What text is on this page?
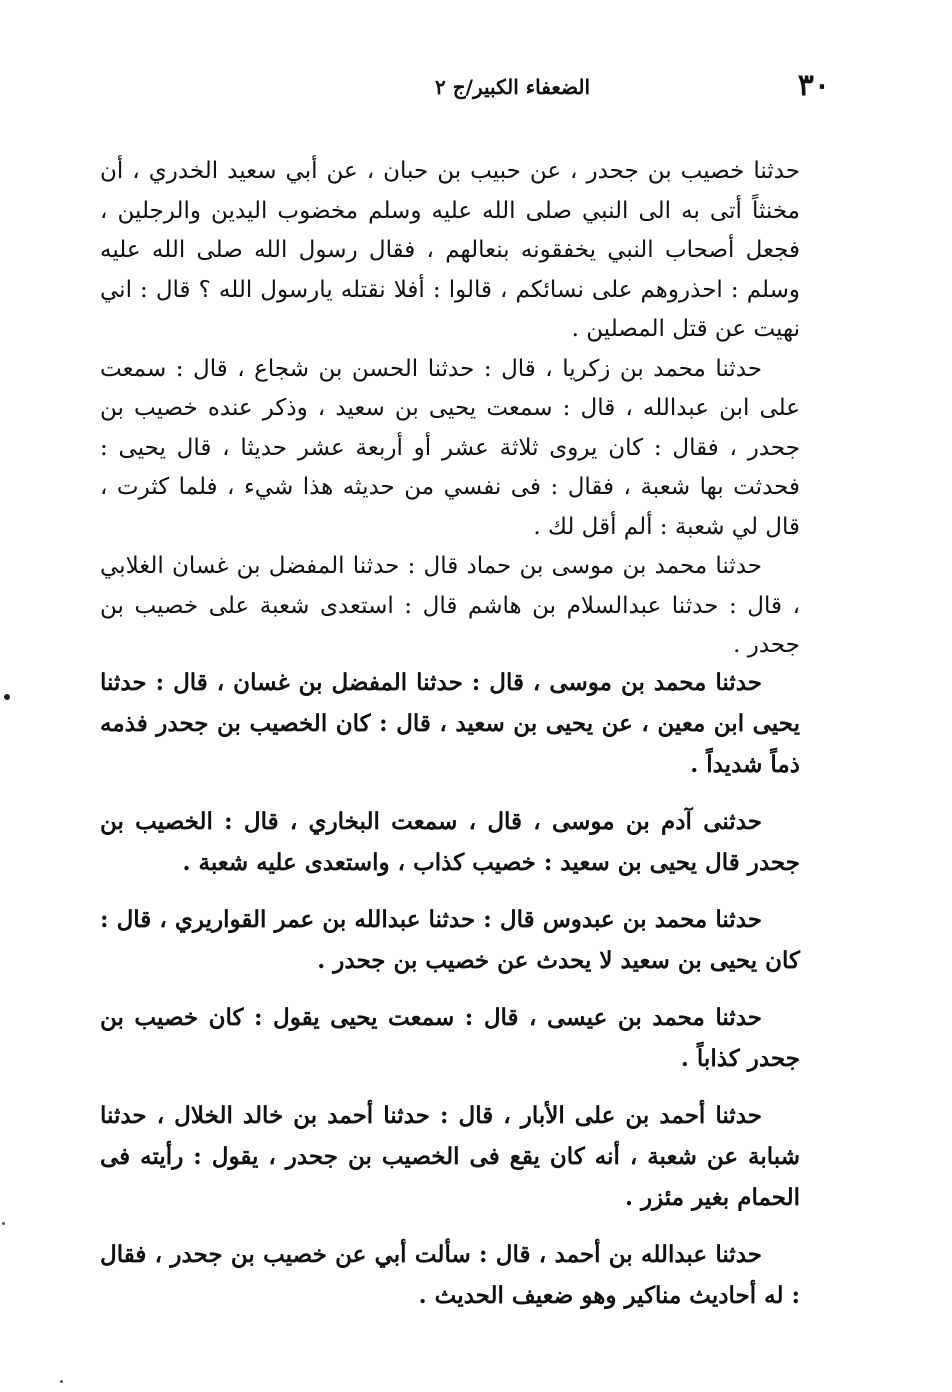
٣٠
الضعفاء الكبير/ج ٢

حدثنا خصيب بن جحدر ، عن حبيب بن حبان ، عن أبي سعيد الخدري ، أن مخنثاً أتى به الى النبي صلى الله عليه وسلم مخضوب اليدين والرجلين ، فجعل أصحاب النبي يخفقونه بنعالهم ، فقال رسول الله صلى الله عليه وسلم : احذروهم على نسائكم ، قالوا : أفلا نقتله يارسول الله ؟ قال : اني نهيت عن قتل المصلين .

حدثنا محمد بن زكريا ، قال : حدثنا الحسن بن شجاع ، قال : سمعت على ابن عبدالله ، قال : سمعت يحيى بن سعيد ، وذكر عنده خصيب بن جحدر ، فقال : كان يروى ثلاثة عشر أو أربعة عشر حديثا ، قال يحيى : فحدثت بها شعبة ، فقال : فى نفسي من حديثه هذا شيء ، فلما كثرت ، قال لي شعبة : ألم أقل لك .

حدثنا محمد بن موسى بن حماد قال : حدثنا المفضل بن غسان الغلابي ، قال : حدثنا عبدالسلام بن هاشم قال : استعدى شعبة على خصيب بن جحدر .

حدثنا محمد بن موسى ، قال : حدثنا المفضل بن غسان ، قال : حدثنا يحيى ابن معين ، عن يحيى بن سعيد ، قال : كان الخصيب بن جحدر فذمه ذماً شديداً .

حدثنى آدم بن موسى ، قال ، سمعت البخاري ، قال : الخصيب بن جحدر قال يحيى بن سعيد : خصيب كذاب ، واستعدى عليه شعبة .

حدثنا محمد بن عبدوس قال : حدثنا عبدالله بن عمر القواريري ، قال : كان يحيى بن سعيد لا يحدث عن خصيب بن جحدر .

حدثنا محمد بن عيسى ، قال : سمعت يحيى يقول : كان خصيب بن جحدر كذاباً .

حدثنا أحمد بن على الأبار ، قال : حدثنا أحمد بن خالد الخلال ، حدثنا شبابة عن شعبة ، أنه كان يقع فى الخصيب بن جحدر ، يقول : رأيته فى الحمام بغير مئزر .

حدثنا عبدالله بن أحمد ، قال : سألت أبي عن خصيب بن جحدر ، فقال : له أحاديث مناكير وهو ضعيف الحديث .
